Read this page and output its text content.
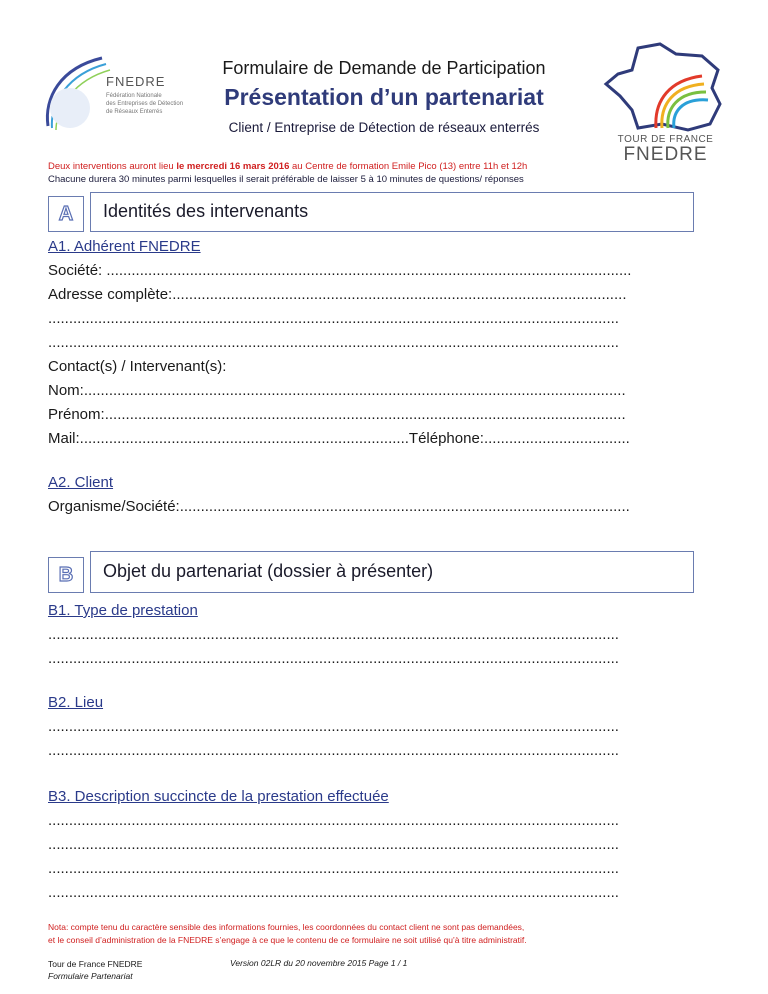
FNEDRE
Fédération Nationale
des Entreprises de Détection
de Réseaux Enterrés
TOUR DE FRANCE
FNEDRE
Formulaire de Demande de Participation
Présentation d’un partenariat
Client / Entreprise de Détection de réseaux enterrés
Deux interventions auront lieu le mercredi 16 mars 2016 au Centre de formation Emile Pico (13) entre 11h et 12h
Chacune durera 30 minutes parmi lesquelles il serait préférable de laisser 5 à 10 minutes de questions/ réponses
A	Identités des intervenants
A1. Adhérent FNEDRE
Société: ..............................................................................................................................
Adresse complète:.............................................................................................................
.........................................................................................................................................
.........................................................................................................................................
Contact(s) / Intervenant(s):
Nom:..................................................................................................................................
Prénom:.............................................................................................................................
Mail:...............................................................................Téléphone:...................................
A2. Client
Organisme/Société:............................................................................................................
B	Objet du partenariat (dossier à présenter)
B1. Type de prestation
.........................................................................................................................................
.........................................................................................................................................
B2. Lieu
.........................................................................................................................................
.........................................................................................................................................
B3. Description succincte de la prestation effectuée
.........................................................................................................................................
.........................................................................................................................................
.........................................................................................................................................
.........................................................................................................................................
Nota: compte tenu du caractère sensible des informations fournies, les coordonnées du contact client ne sont pas demandées,
et le conseil d’administration de la FNEDRE s’engage à ce que le contenu de ce formulaire ne soit utilisé qu’à titre administratif.
Tour de France FNEDRE
Formulaire Partenariat
Version 02LR du 20 novembre 2015 Page 1 / 1
